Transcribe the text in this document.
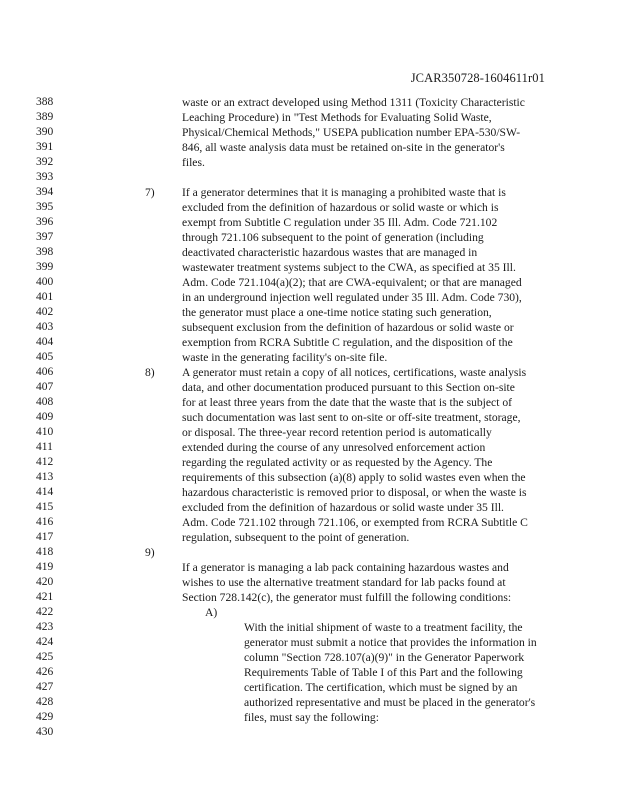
JCAR350728-1604611r01
388
389
390
391
392
393
394
395
396
397
398
399
400
401
402
403
404
405
406
407
408
409
410
411
412
413
414
415
416
417
418
419
420
421
422
423
424
425
426
427
428
429
430
waste or an extract developed using Method 1311 (Toxicity Characteristic
Leaching Procedure) in "Test Methods for Evaluating Solid Waste,
Physical/Chemical Methods," USEPA publication number EPA-530/SW-
846, all waste analysis data must be retained on-site in the generator's
files.
7) If a generator determines that it is managing a prohibited waste that is
excluded from the definition of hazardous or solid waste or which is
exempt from Subtitle C regulation under 35 Ill. Adm. Code 721.102
through 721.106 subsequent to the point of generation (including
deactivated characteristic hazardous wastes that are managed in
wastewater treatment systems subject to the CWA, as specified at 35 Ill.
Adm. Code 721.104(a)(2); that are CWA-equivalent; or that are managed
in an underground injection well regulated under 35 Ill. Adm. Code 730),
the generator must place a one-time notice stating such generation,
subsequent exclusion from the definition of hazardous or solid waste or
exemption from RCRA Subtitle C regulation, and the disposition of the
waste in the generating facility's on-site file.
8) A generator must retain a copy of all notices, certifications, waste analysis
data, and other documentation produced pursuant to this Section on-site
for at least three years from the date that the waste that is the subject of
such documentation was last sent to on-site or off-site treatment, storage,
or disposal. The three-year record retention period is automatically
extended during the course of any unresolved enforcement action
regarding the regulated activity or as requested by the Agency. The
requirements of this subsection (a)(8) apply to solid wastes even when the
hazardous characteristic is removed prior to disposal, or when the waste is
excluded from the definition of hazardous or solid waste under 35 Ill.
Adm. Code 721.102 through 721.106, or exempted from RCRA Subtitle C
regulation, subsequent to the point of generation.
9)
If a generator is managing a lab pack containing hazardous wastes and
wishes to use the alternative treatment standard for lab packs found at
Section 728.142(c), the generator must fulfill the following conditions:
A)
With the initial shipment of waste to a treatment facility, the
generator must submit a notice that provides the information in
column "Section 728.107(a)(9)" in the Generator Paperwork
Requirements Table of Table I of this Part and the following
certification. The certification, which must be signed by an
authorized representative and must be placed in the generator's
files, must say the following:
